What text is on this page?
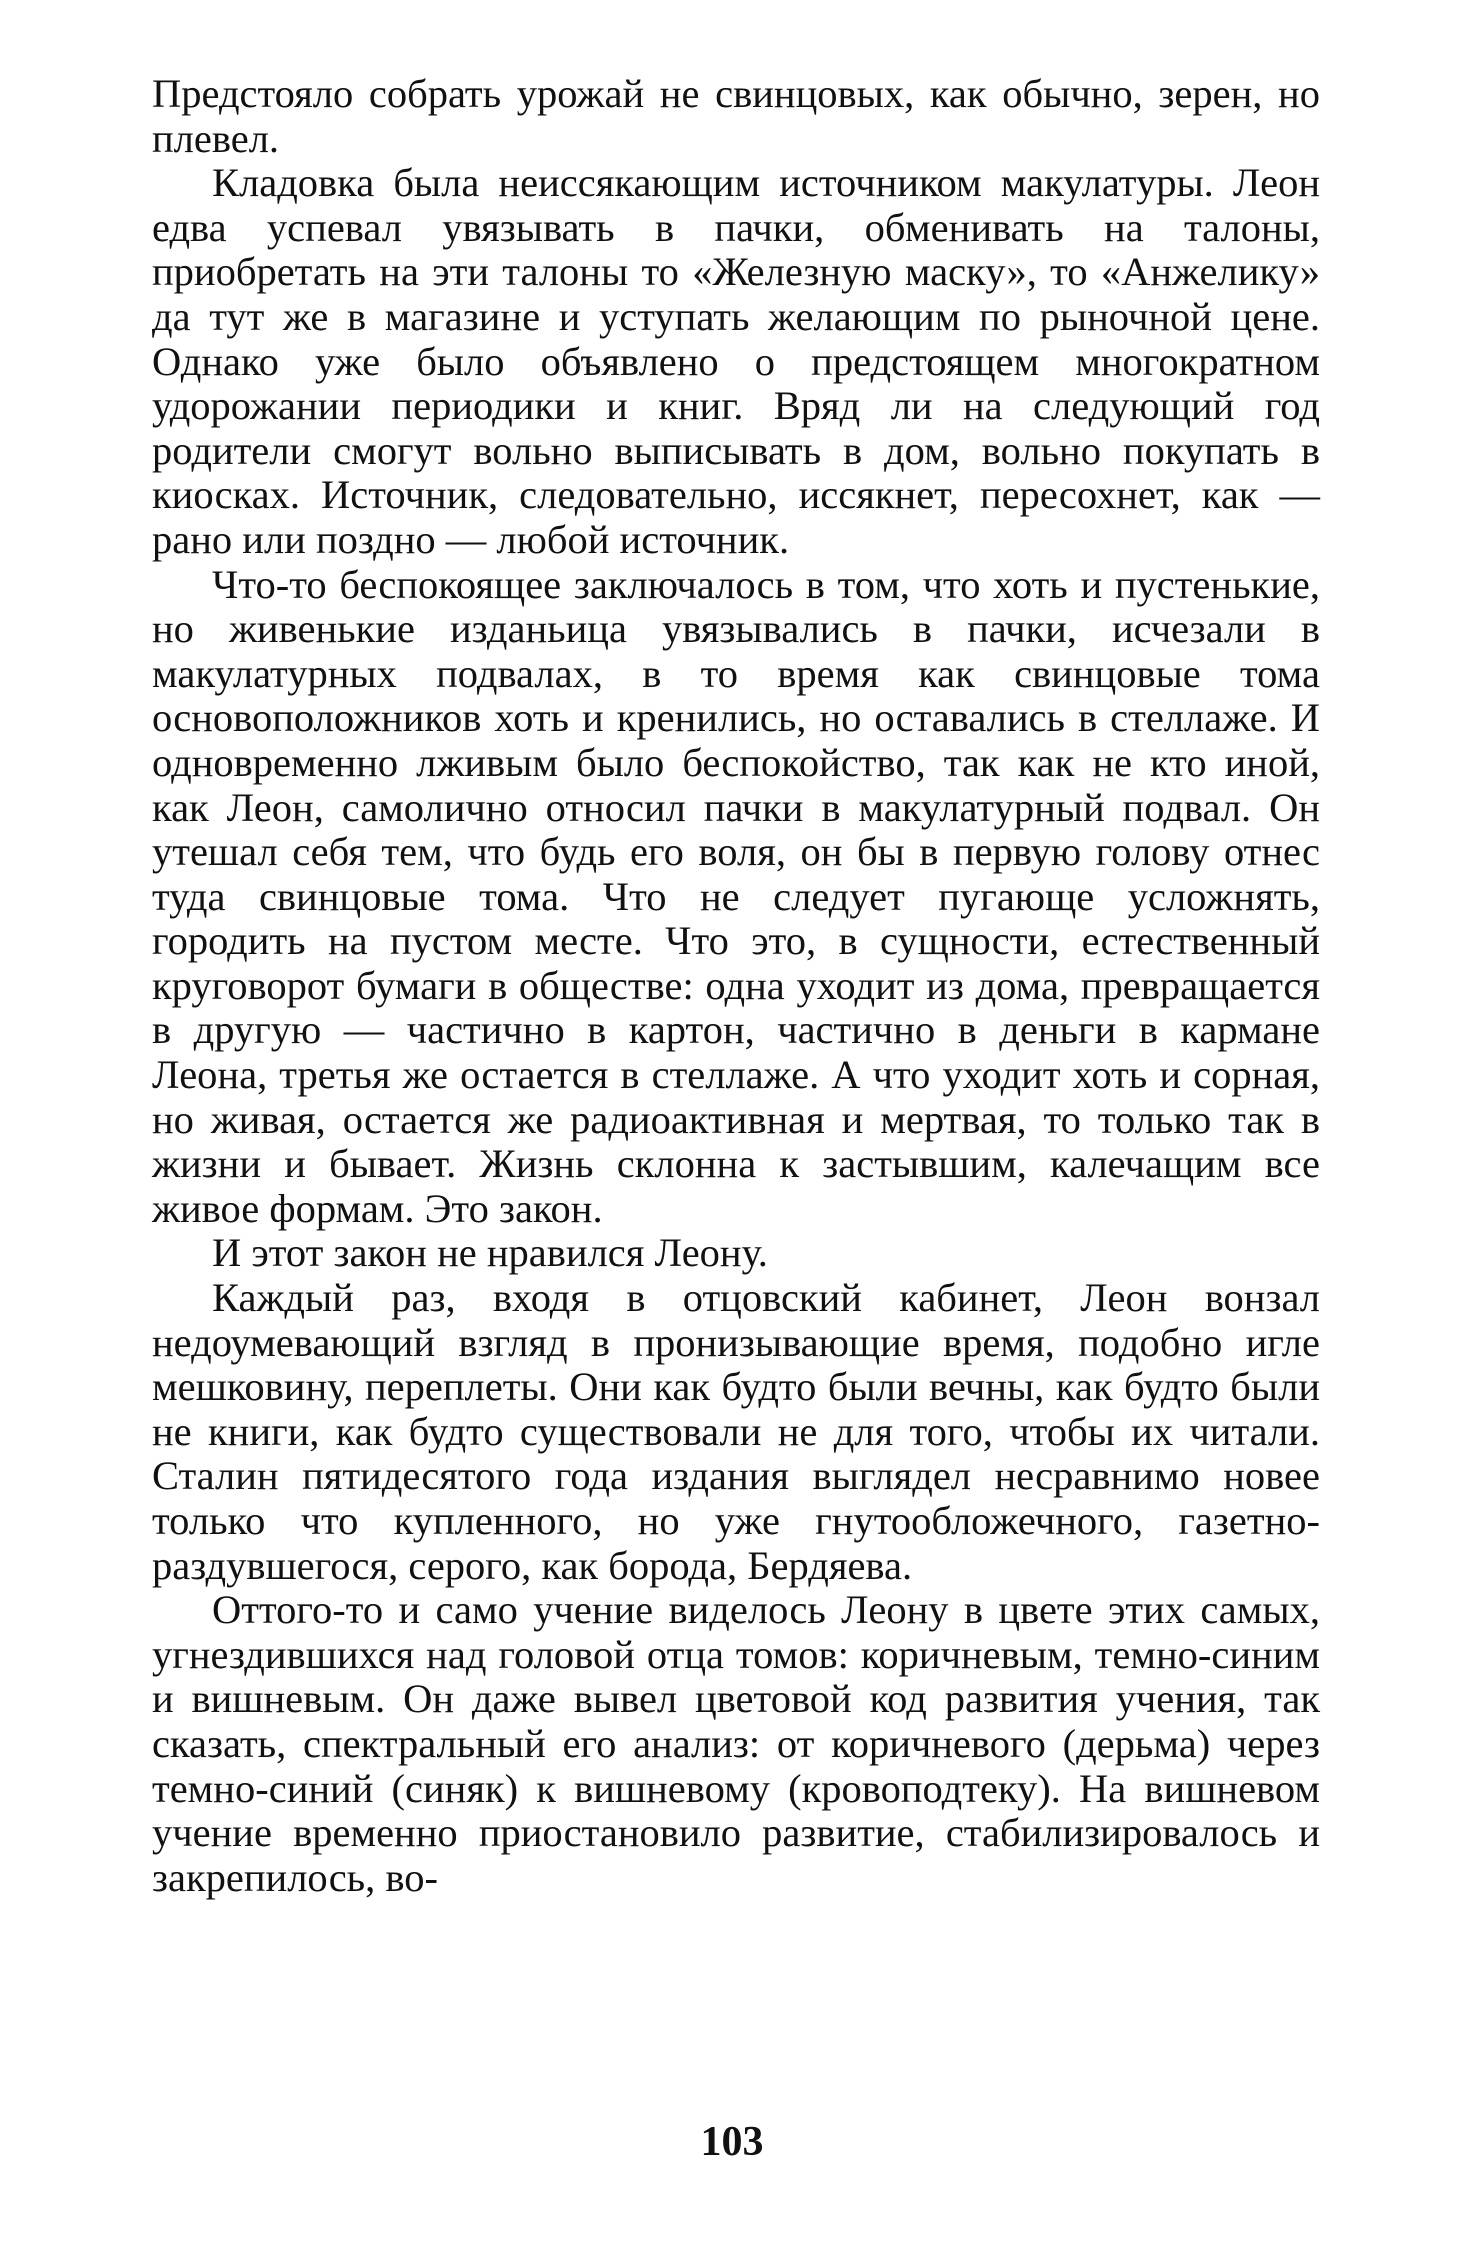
Предстояло собрать урожай не свинцовых, как обычно, зерен, но плевел.

Кладовка была неиссякающим источником макулатуры. Леон едва успевал увязывать в пачки, обменивать на талоны, приобретать на эти талоны то «Железную маску», то «Анжелику» да тут же в магазине и уступать желающим по рыночной цене. Однако уже было объявлено о предстоящем многократном удорожании периодики и книг. Вряд ли на следующий год родители смогут вольно выписывать в дом, вольно покупать в киосках. Источник, следовательно, иссякнет, пересохнет, как — рано или поздно — любой источник.

Что-то беспокоящее заключалось в том, что хоть и пустенькие, но живенькие изданьица увязывались в пачки, исчезали в макулатурных подвалах, в то время как свинцовые тома основоположников хоть и кренились, но оставались в стеллаже. И одновременно лживым было беспокойство, так как не кто иной, как Леон, самолично относил пачки в макулатурный подвал. Он утешал себя тем, что будь его воля, он бы в первую голову отнес туда свинцовые тома. Что не следует пугающе усложнять, городить на пустом месте. Что это, в сущности, естественный круговорот бумаги в обществе: одна уходит из дома, превращается в другую — частично в картон, частично в деньги в кармане Леона, третья же остается в стеллаже. А что уходит хоть и сорная, но живая, остается же радиоактивная и мертвая, то только так в жизни и бывает. Жизнь склонна к застывшим, калечащим все живое формам. Это закон.

И этот закон не нравился Леону.

Каждый раз, входя в отцовский кабинет, Леон вонзал недоумевающий взгляд в пронизывающие время, подобно игле мешковину, переплеты. Они как будто были вечны, как будто были не книги, как будто существовали не для того, чтобы их читали. Сталин пятидесятого года издания выглядел несравнимо новее только что купленного, но уже гнутообложечного, газетно-раздувшегося, серого, как борода, Бердяева.

Оттого-то и само учение виделось Леону в цвете этих самых, угнездившихся над головой отца томов: коричневым, темно-синим и вишневым. Он даже вывел цветовой код развития учения, так сказать, спектральный его анализ: от коричневого (дерьма) через темно-синий (синяк) к вишневому (кровоподтеку). На вишневом учение временно приостановило развитие, стабилизировалось и закрепилось, во-

103
